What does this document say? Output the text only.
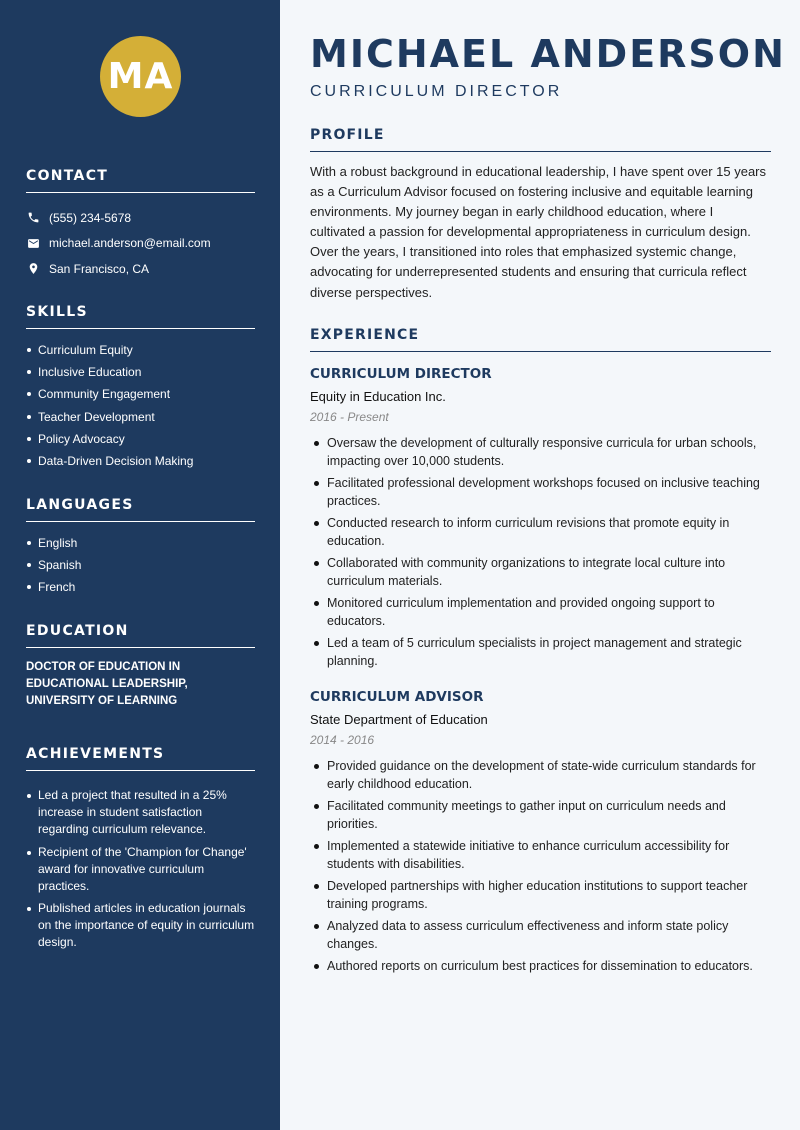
MA
CONTACT
(555) 234-5678
michael.anderson@email.com
San Francisco, CA
SKILLS
Curriculum Equity
Inclusive Education
Community Engagement
Teacher Development
Policy Advocacy
Data-Driven Decision Making
LANGUAGES
English
Spanish
French
EDUCATION

DOCTOR OF EDUCATION IN EDUCATIONAL LEADERSHIP, UNIVERSITY OF LEARNING

ACHIEVEMENTS
Led a project that resulted in a 25% increase in student satisfaction regarding curriculum relevance.
Recipient of the 'Champion for Change' award for innovative curriculum practices.
Published articles in education journals on the importance of equity in curriculum design.
MICHAEL ANDERSON
CURRICULUM DIRECTOR
PROFILE

With a robust background in educational leadership, I have spent over 15 years as a Curriculum Advisor focused on fostering inclusive and equitable learning environments. My journey began in early childhood education, where I cultivated a passion for developmental appropriateness in curriculum design. Over the years, I transitioned into roles that emphasized systemic change, advocating for underrepresented students and ensuring that curricula reflect diverse perspectives.

EXPERIENCE
CURRICULUM DIRECTOR
Equity in Education Inc.
2016 - Present
Oversaw the development of culturally responsive curricula for urban schools, impacting over 10,000 students.
Facilitated professional development workshops focused on inclusive teaching practices.
Conducted research to inform curriculum revisions that promote equity in education.
Collaborated with community organizations to integrate local culture into curriculum materials.
Monitored curriculum implementation and provided ongoing support to educators.
Led a team of 5 curriculum specialists in project management and strategic planning.
CURRICULUM ADVISOR
State Department of Education
2014 - 2016
Provided guidance on the development of state-wide curriculum standards for early childhood education.
Facilitated community meetings to gather input on curriculum needs and priorities.
Implemented a statewide initiative to enhance curriculum accessibility for students with disabilities.
Developed partnerships with higher education institutions to support teacher training programs.
Analyzed data to assess curriculum effectiveness and inform state policy changes.
Authored reports on curriculum best practices for dissemination to educators.
